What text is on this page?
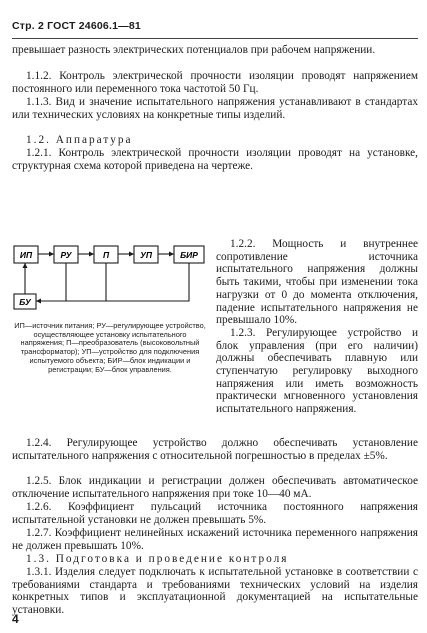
Стр. 2 ГОСТ 24606.1—81

превышает разность электрических потенциалов при рабочем напряжении.

1.1.2. Контроль электрической прочности изоляции проводят напряжением постоянного или переменного тока частотой 50 Гц.

1.1.3. Вид и значение испытательного напряжения устанавливают в стандартах или технических условиях на конкретные типы изделий.

1.2. Аппаратура

1.2.1. Контроль электрической прочности изоляции проводят на установке, структурная схема которой приведена на чертеже.

ИП	РУ	П	УП	БИР
БУ

ИП—источник питания; РУ—регулирующее устройство, осуществляющее установку испытательного напряжения; П—преобразователь (высоковольтный трансформатор); УП—устройство для подключения испытуемого объекта; БИР—блок индикации и регистрации; БУ—блок управления.

1.2.2. Мощность и внутреннее сопротивление источника испытательного напряжения должны быть такими, чтобы при изменении тока нагрузки от 0 до момента отключения, падение испытательного напряжения не превышало 10%.

1.2.3. Регулирующее устройство и блок управления (при его наличии) должны обеспечивать плавную или ступенчатую регулировку выходного напряжения или иметь возможность практически мгновенного установления испытательного напряжения.

1.2.4. Регулирующее устройство должно обеспечивать установление испытательного напряжения с относительной погрешностью в пределах ±5%.

1.2.5. Блок индикации и регистрации должен обеспечивать автоматическое отключение испытательного напряжения при токе 10—40 мА.

1.2.6. Коэффициент пульсаций источника постоянного напряжения испытательной установки не должен превышать 5%.

1.2.7. Коэффициент нелинейных искажений источника переменного напряжения не должен превышать 10%.

1.3. Подготовка и проведение контроля

1.3.1. Изделия следует подключать к испытательной установке в соответствии с требованиями стандарта и требованиями технических условий на изделия конкретных типов и эксплуатационной документацией на испытательные установки.

4
